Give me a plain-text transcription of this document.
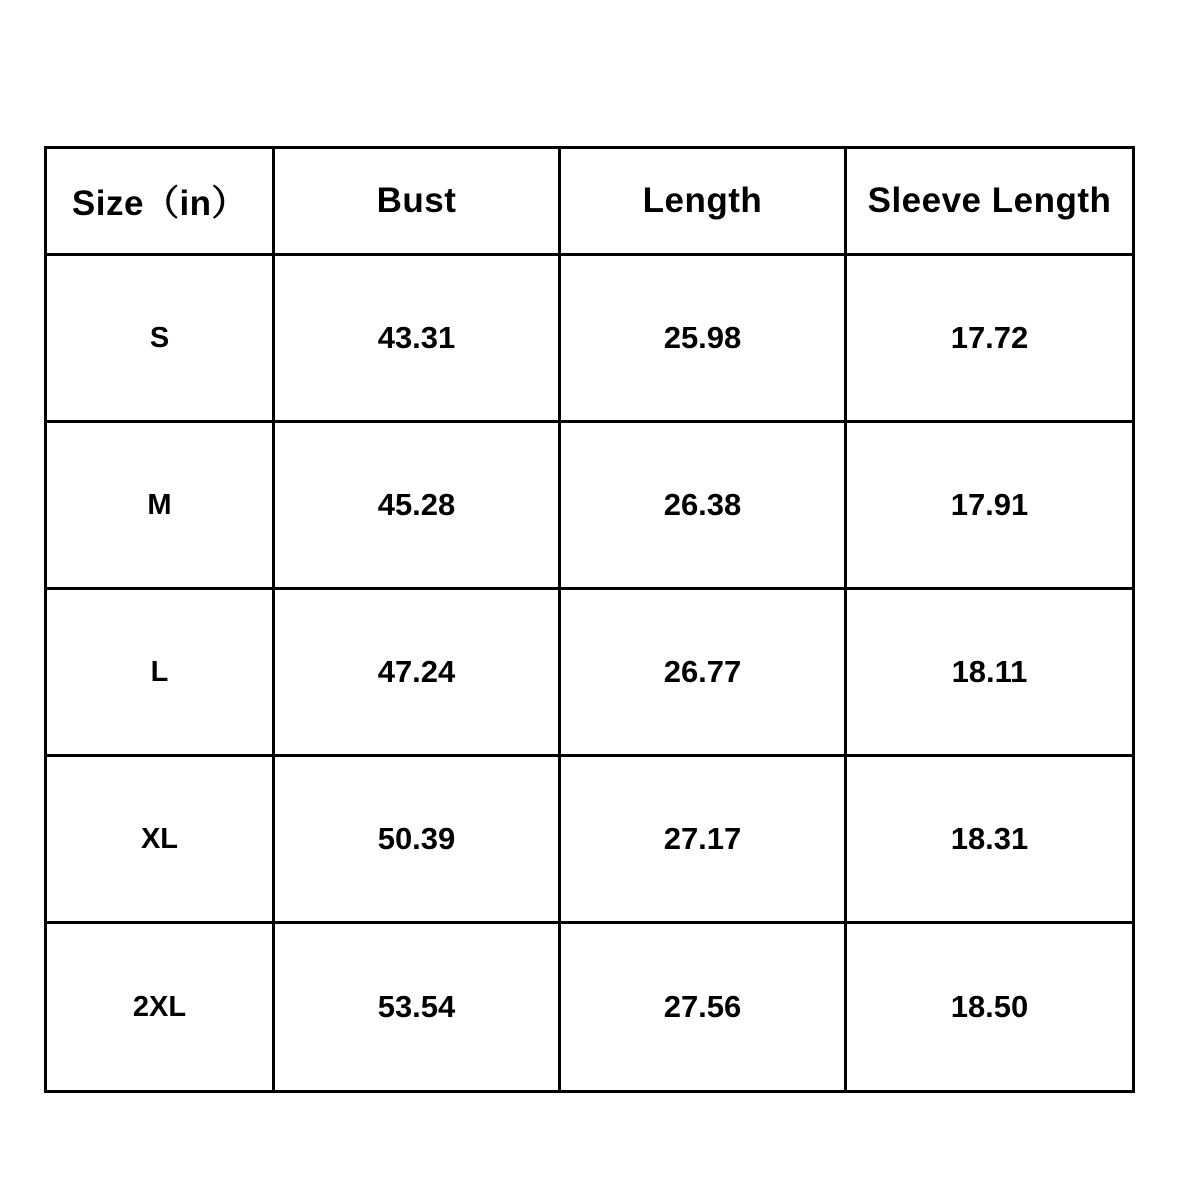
Size（in）	Bust	Length	Sleeve Length
S	43.31	25.98	17.72
M	45.28	26.38	17.91
L	47.24	26.77	18.11
XL	50.39	27.17	18.31
2XL	53.54	27.56	18.50
